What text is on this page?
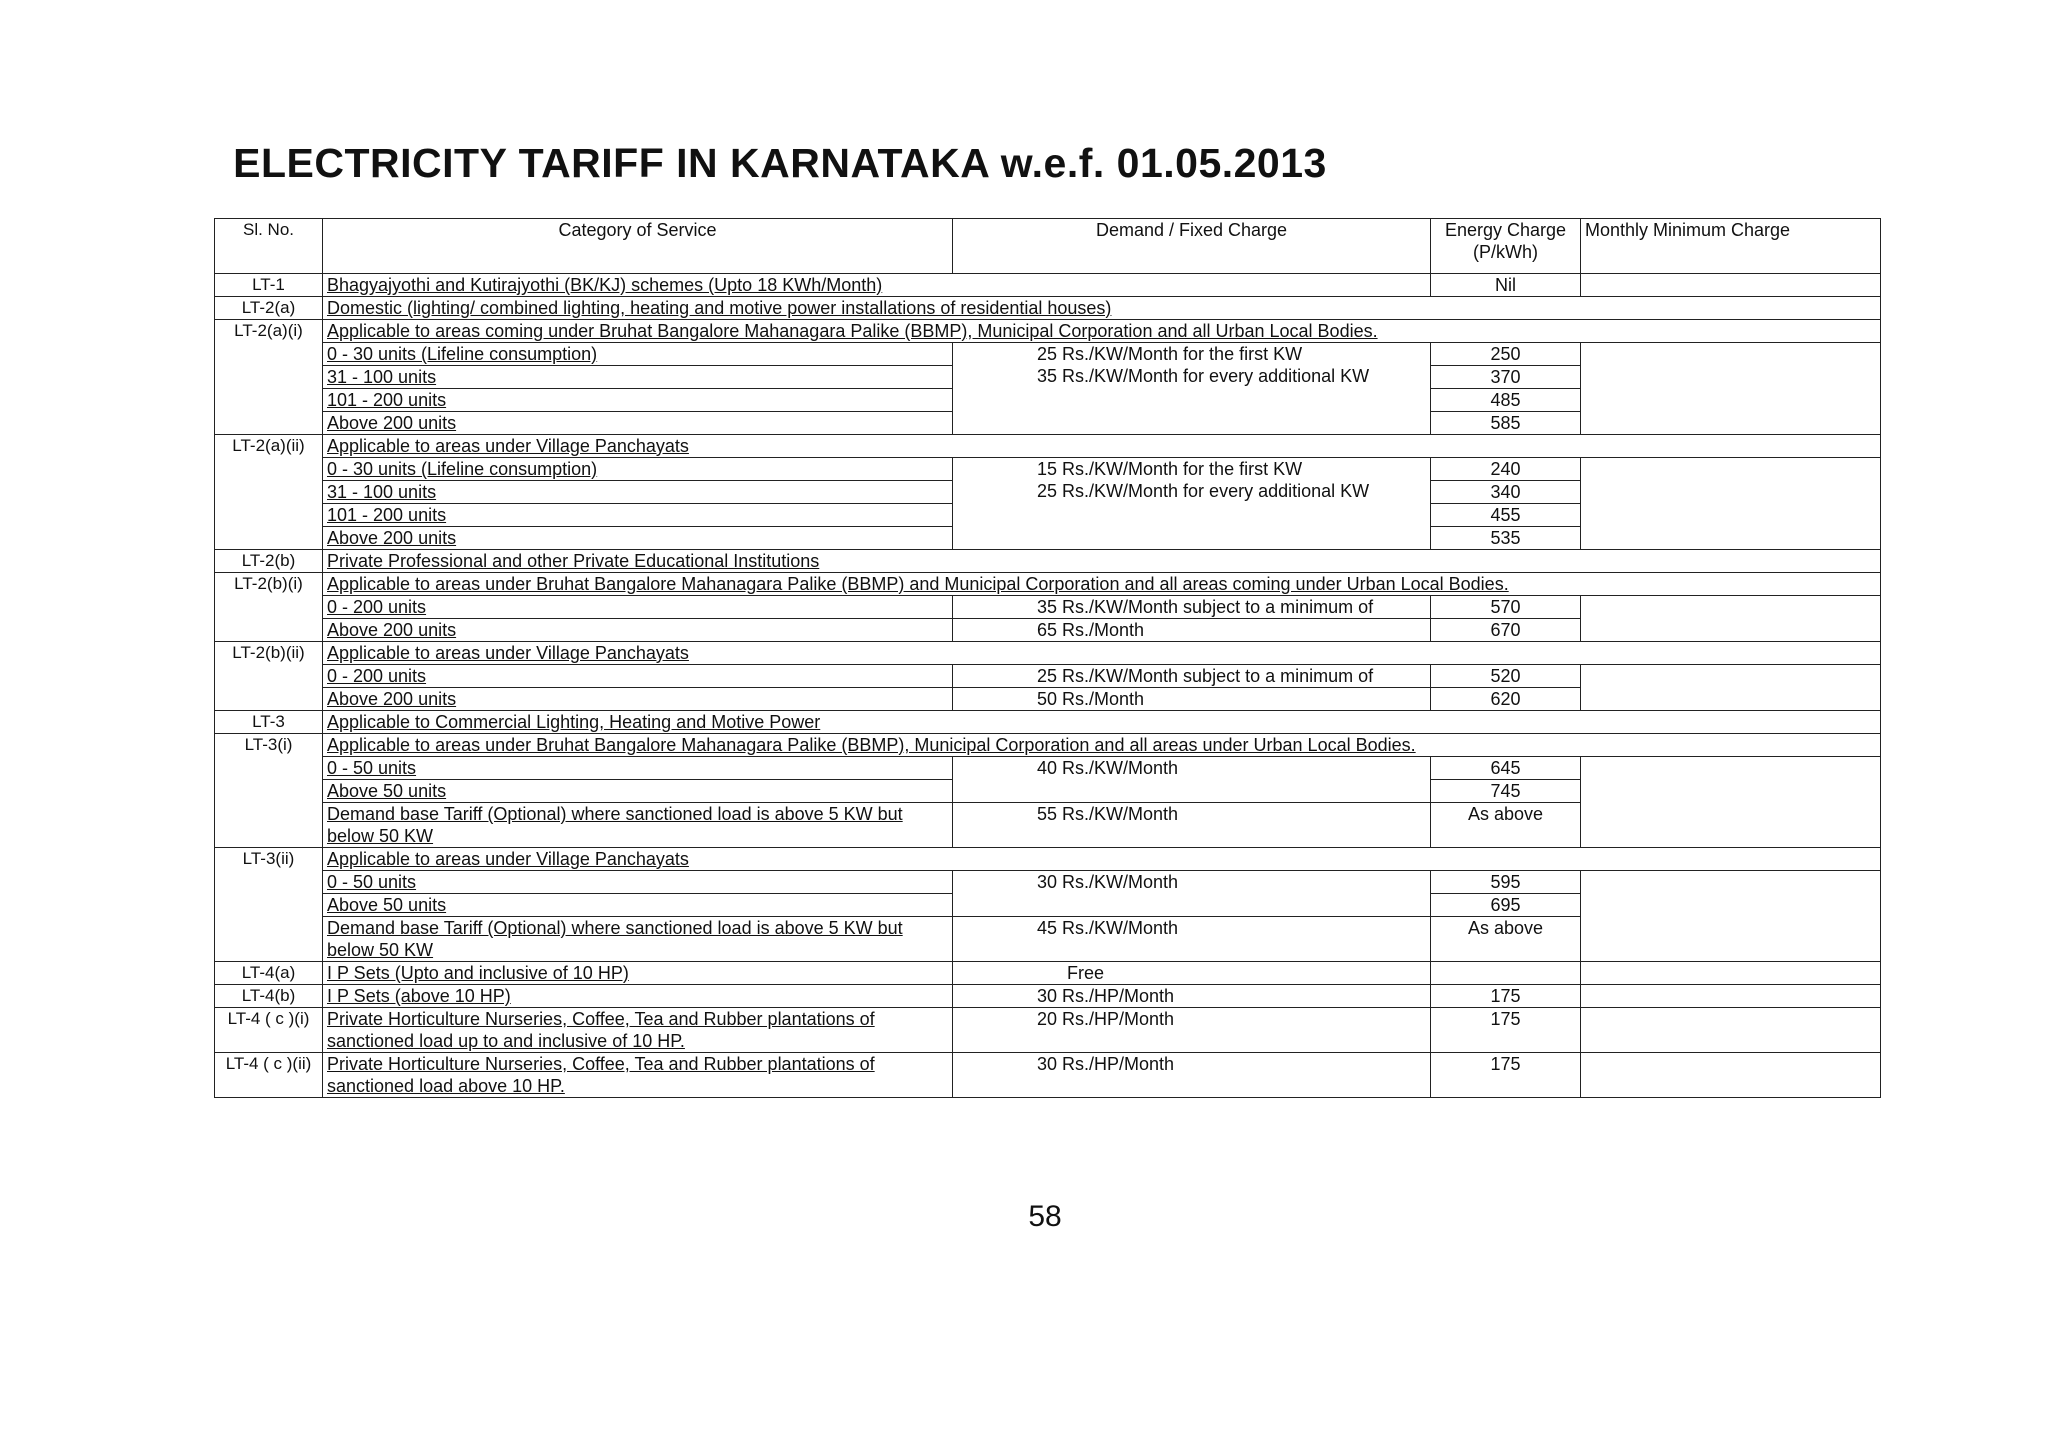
ELECTRICITY TARIFF IN KARNATAKA w.e.f. 01.05.2013
Sl. No.	Category of Service	Demand / Fixed Charge	Energy Charge
(P/kWh)	Monthly Minimum Charge
LT-1	Bhagyajyothi and Kutirajyothi (BK/KJ) schemes (Upto 18 KWh/Month)		Nil	
LT-2(a)	Domestic (lighting/ combined lighting, heating and motive power installations of residential houses)			
LT-2(a)(i)	Applicable to areas coming under Bruhat Bangalore Mahanagara Palike (BBMP), Municipal Corporation and all Urban Local Bodies.			
	0 - 30 units (Lifeline consumption)	25 Rs./KW/Month for the first KW
35 Rs./KW/Month for every additional KW	250	
	31 - 100 units		370	
	101 - 200 units		485	
	Above 200 units		585	
LT-2(a)(ii)	Applicable to areas under Village Panchayats			
	0 - 30 units (Lifeline consumption)	15 Rs./KW/Month for the first KW
25 Rs./KW/Month for every additional KW	240	
	31 - 100 units		340	
	101 - 200 units		455	
	Above 200 units		535	
LT-2(b)	Private Professional and other Private Educational Institutions			
LT-2(b)(i)	Applicable to areas under Bruhat Bangalore Mahanagara Palike (BBMP) and Municipal Corporation and all areas coming under Urban Local Bodies.			
	0 - 200 units	35 Rs./KW/Month subject to a minimum of	570	
	Above 200 units	65 Rs./Month	670	
LT-2(b)(ii)	Applicable to areas under Village Panchayats			
	0 - 200 units	25 Rs./KW/Month subject to a minimum of	520	
	Above 200 units	50 Rs./Month	620	
LT-3	Applicable to Commercial Lighting, Heating and Motive Power			
LT-3(i)	Applicable to areas under Bruhat Bangalore Mahanagara Palike (BBMP), Municipal Corporation and all areas under Urban Local Bodies.			
	0 - 50 units	40 Rs./KW/Month	645	
	Above 50 units		745	
	Demand base Tariff (Optional) where sanctioned load is above 5 KW but below 50 KW	55 Rs./KW/Month	As above	
LT-3(ii)	Applicable to areas under Village Panchayats			
	0 - 50 units	30 Rs./KW/Month	595	
	Above 50 units		695	
	Demand base Tariff (Optional) where sanctioned load is above 5 KW but below 50 KW	45 Rs./KW/Month	As above	
LT-4(a)	I P Sets (Upto and inclusive of 10 HP)	Free		
LT-4(b)	I P Sets (above 10 HP)	30 Rs./HP/Month	175	
LT-4 ( c )(i)	Private Horticulture Nurseries, Coffee, Tea and Rubber plantations of sanctioned load up to and inclusive of 10 HP.	20 Rs./HP/Month	175	
LT-4 ( c )(ii)	Private Horticulture Nurseries, Coffee, Tea and Rubber plantations of sanctioned load above 10 HP.	30 Rs./HP/Month	175	
58
